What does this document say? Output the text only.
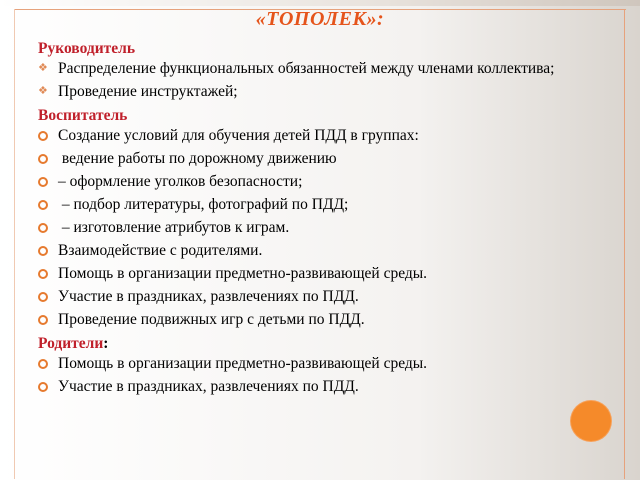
«ТОПОЛЕК»:
Руководитель
❖ Распределение функциональных обязанностей между членами коллектива;
❖ Проведение инструктажей;
Воспитатель
Создание условий для обучения детей ПДД в группах:
ведение работы по дорожному движению
– оформление уголков безопасности;
– подбор литературы, фотографий по ПДД;
– изготовление атрибутов к играм.
Взаимодействие с родителями.
Помощь в организации предметно-развивающей среды.
Участие в праздниках, развлечениях по ПДД.
Проведение подвижных игр с детьми по ПДД.
Родители:
Помощь в организации предметно-развивающей среды.
Участие в праздниках, развлечениях по ПДД.
